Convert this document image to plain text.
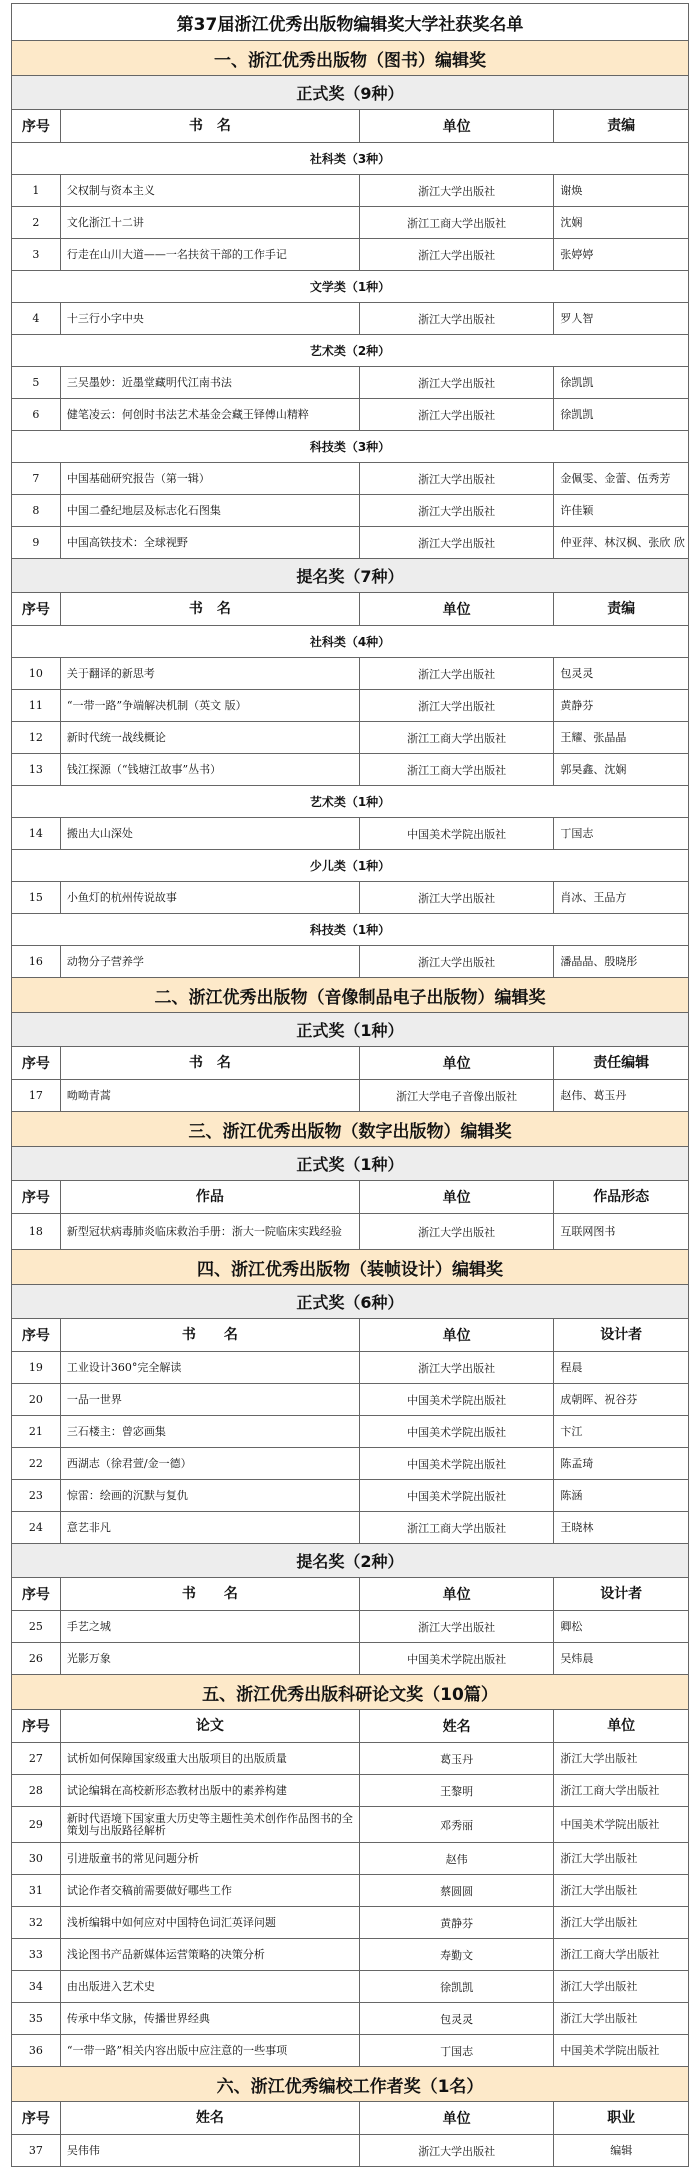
第37届浙江优秀出版物编辑奖大学社获奖名单
一、浙江优秀出版物（图书）编辑奖
正式奖（9种）
序号	书　名	单位	责编
社科类（3种）
1	父权制与资本主义	浙江大学出版社	谢焕
2	文化浙江十二讲	浙江工商大学出版社	沈娴
3	行走在山川大道——一名扶贫干部的工作手记	浙江大学出版社	张婷婷
文学类（1种）
4	十三行小字中央	浙江大学出版社	罗人智
艺术类（2种）
5	三吴墨妙：近墨堂藏明代江南书法	浙江大学出版社	徐凯凯
6	健笔凌云：何创时书法艺术基金会藏王铎傅山精粹	浙江大学出版社	徐凯凯
科技类（3种）
7	中国基础研究报告（第一辑）	浙江大学出版社	金佩雯、金蕾、伍秀芳
8	中国二叠纪地层及标志化石图集	浙江大学出版社	许佳颖
9	中国高铁技术：全球视野	浙江大学出版社	仲亚萍、林汉枫、张欣 欣
提名奖（7种）
序号	书　名	单位	责编
社科类（4种）
10	关于翻译的新思考	浙江大学出版社	包灵灵
11	“一带一路”争端解决机制（英文 版）	浙江大学出版社	黄静芬
12	新时代统一战线概论	浙江工商大学出版社	王耀、张晶晶
13	钱江探源（“钱塘江故事”丛书）	浙江工商大学出版社	郭昊鑫、沈娴
艺术类（1种）
14	搬出大山深处	中国美术学院出版社	丁国志
少儿类（1种）
15	小鱼灯的杭州传说故事	浙江大学出版社	肖冰、王品方
科技类（1种）
16	动物分子营养学	浙江大学出版社	潘晶晶、殷晓彤
二、浙江优秀出版物（音像制品电子出版物）编辑奖
正式奖（1种）
序号	书　名	单位	责任编辑
17	呦呦青蒿	浙江大学电子音像出版社	赵伟、葛玉丹
三、浙江优秀出版物（数字出版物）编辑奖
正式奖（1种）
序号	作品	单位	作品形态
18	新型冠状病毒肺炎临床救治手册：浙大一院临床实践经验	浙江大学出版社	互联网图书
四、浙江优秀出版物（装帧设计）编辑奖
正式奖（6种）
序号	书　　名	单位	设计者
19	工业设计360°完全解读	浙江大学出版社	程晨
20	一品一世界	中国美术学院出版社	成朝晖、祝谷芬
21	三石楼主：曾宓画集	中国美术学院出版社	卞江
22	西湖志（徐君萱/金一德）	中国美术学院出版社	陈孟琦
23	惊雷：绘画的沉默与复仇	中国美术学院出版社	陈涵
24	意艺非凡	浙江工商大学出版社	王晓林
提名奖（2种）
序号	书　　名	单位	设计者
25	手艺之城	浙江大学出版社	卿松
26	光影万象	中国美术学院出版社	吴炜晨
五、浙江优秀出版科研论文奖（10篇）
序号	论文	姓名	单位
27	试析如何保障国家级重大出版项目的出版质量	葛玉丹	浙江大学出版社
28	试论编辑在高校新形态教材出版中的素养构建	王黎明	浙江工商大学出版社
29	新时代语境下国家重大历史等主题性美术创作作品图书的全策划与出版路径解析	邓秀丽	中国美术学院出版社
30	引进版童书的常见问题分析	赵伟	浙江大学出版社
31	试论作者交稿前需要做好哪些工作	蔡圆圆	浙江大学出版社
32	浅析编辑中如何应对中国特色词汇英译问题	黄静芬	浙江大学出版社
33	浅论图书产品新媒体运营策略的决策分析	寿勤文	浙江工商大学出版社
34	由出版进入艺术史	徐凯凯	浙江大学出版社
35	传承中华文脉，传播世界经典	包灵灵	浙江大学出版社
36	“一带一路”相关内容出版中应注意的一些事项	丁国志	中国美术学院出版社
六、浙江优秀编校工作者奖（1名）
序号	姓名	单位	职业
37	吴伟伟	浙江大学出版社	编辑
